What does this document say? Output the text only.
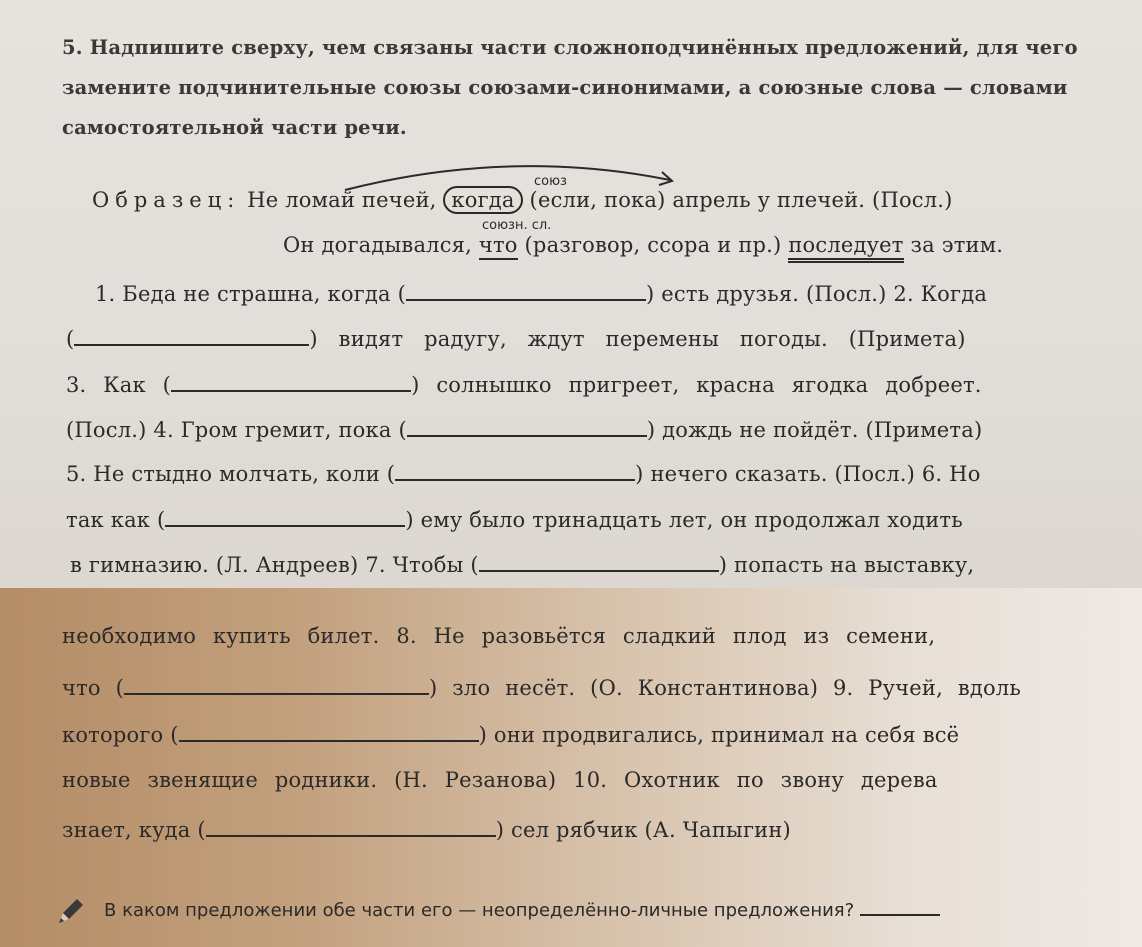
5. Надпишите сверху, чем связаны части сложноподчинённых предложений, для чего
замените подчинительные союзы союзами-синонимами, а союзные слова — словами
самостоятельной части речи.
союз
Образец: Не ломай печей, когда (если, пока) апрель у плечей. (Посл.)
союзн. сл.
Он догадывался, что (разговор, ссора и пр.) последует за этим.
1. Беда не страшна, когда (	) есть друзья. (Посл.) 2. Когда
(	) видят радугу, ждут перемены погоды. (Примета)
3. Как (	) солнышко пригреет, красна ягодка добреет.
(Посл.) 4. Гром гремит, пока (	) дождь не пойдёт. (Примета)
5. Не стыдно молчать, коли (	) нечего сказать. (Посл.) 6. Но
так как (	) ему было тринадцать лет, он продолжал ходить
в гимназию. (Л. Андреев) 7. Чтобы (	) попасть на выставку,
необходимо купить билет. 8. Не разовьётся сладкий плод из семени,
что (	) зло несёт. (О. Константинова) 9. Ручей, вдоль
которого (	) они продвигались, принимал на себя всё
новые звенящие родники. (Н. Резанова) 10. Охотник по звону дерева
знает, куда (	) сел рябчик (А. Чапыгин)
В каком предложении обе части его — неопределённо-личные предложения?
